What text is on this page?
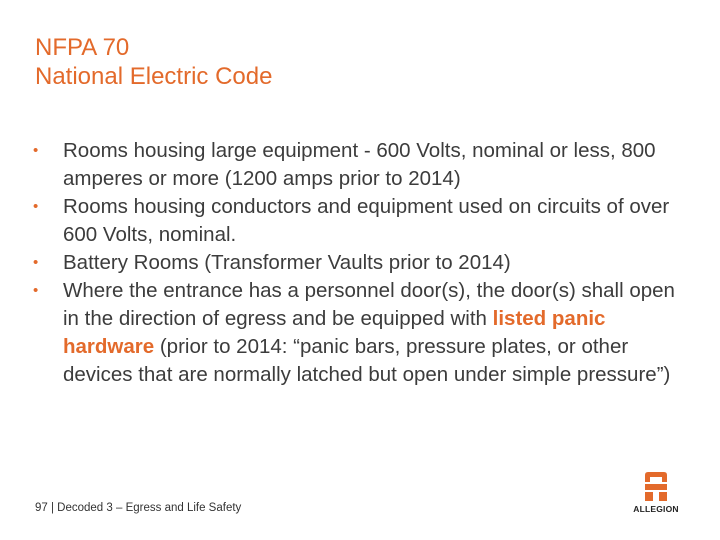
NFPA 70
National Electric Code
•	Rooms housing large equipment - 600 Volts, nominal or less, 800 amperes or more (1200 amps prior to 2014)
•	Rooms housing conductors and equipment used on circuits of over 600 Volts, nominal.
•	Battery Rooms (Transformer Vaults prior to 2014)
•	Where the entrance has a personnel door(s), the door(s) shall open in the direction of egress and be equipped with listed panic hardware (prior to 2014: “panic bars, pressure plates, or other devices that are normally latched but open under simple pressure”)
97 | Decoded 3 – Egress and Life Safety	ALLEGION
